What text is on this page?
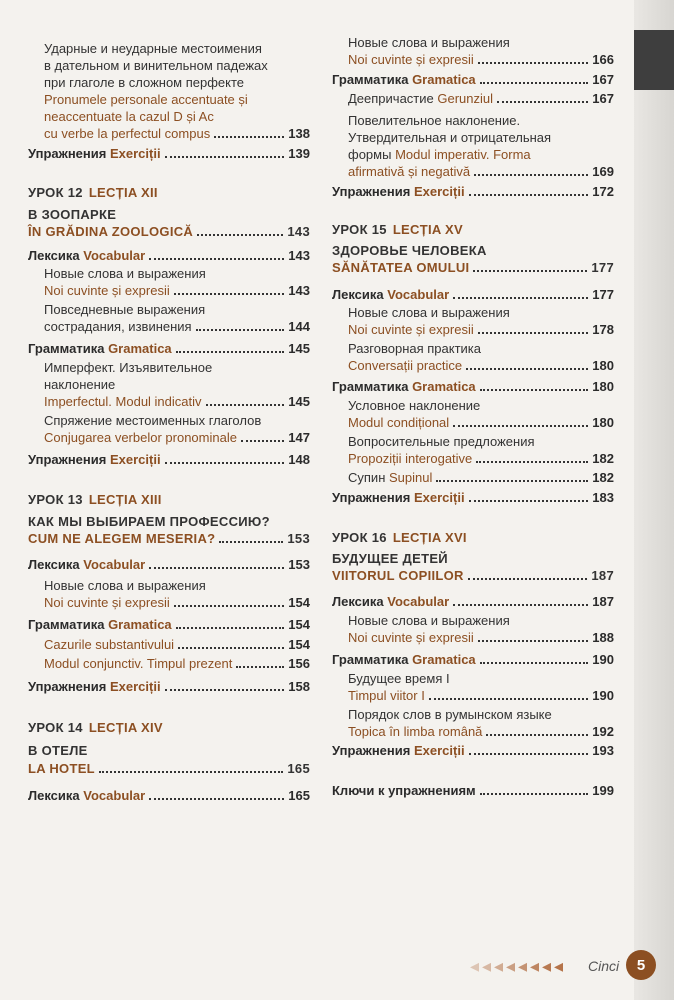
Ударные и неударные местоимения
в дательном и винительном падежах
при глаголе в сложном перфекте
Pronumele personale accentuate și
neaccentuate la cazul D și Ac
cu verbe la perfectul compus	138
Упражнения Exerciții	139
УРОК 12 LECȚIA XII
В ЗООПАРКЕ
ÎN GRĂDINA ZOOLOGICĂ	143
Лексика Vocabular	143
Новые слова и выражения
Noi cuvinte și expresii	143
Повседневные выражения
сострадания, извинения	144
Грамматика Gramatica	145
Имперфект. Изъявительное
наклонение
Imperfectul. Modul indicativ	145
Спряжение местоименных глаголов
Conjugarea verbelor pronominale	147
Упражнения Exerciții	148
УРОК 13 LECȚIA XIII
КАК МЫ ВЫБИРАЕМ ПРОФЕССИЮ?
CUM NE ALEGEM MESERIA?	153
Лексика Vocabular	153
Новые слова и выражения
Noi cuvinte și expresii	154
Грамматика Gramatica	154
Cazurile substantivului	154
Modul conjunctiv. Timpul prezent	156
Упражнения Exerciții	158
УРОК 14 LECȚIA XIV
В ОТЕЛЕ
LA HOTEL	165
Лексика Vocabular	165
Новые слова и выражения
Noi cuvinte și expresii	166
Грамматика Gramatica	167
Деепричастие Gerunziul	167
Повелительное наклонение.
Утвердительная и отрицательная
формы Modul imperativ. Forma
afirmativă și negativă	169
Упражнения Exerciții	172
УРОК 15 LECȚIA XV
ЗДОРОВЬЕ ЧЕЛОВЕКА
SĂNĂTATEA OMULUI	177
Лексика Vocabular	177
Новые слова и выражения
Noi cuvinte și expresii	178
Разговорная практика
Conversații practice	180
Грамматика Gramatica	180
Условное наклонение
Modul condițional	180
Вопросительные предложения
Propoziții interogative	182
Супин Supinul	182
Упражнения Exerciții	183
УРОК 16 LECȚIA XVI
БУДУЩЕЕ ДЕТЕЙ
VIITORUL COPIILOR	187
Лексика Vocabular	187
Новые слова и выражения
Noi cuvinte și expresii	188
Грамматика Gramatica	190
Будущее время I
Timpul viitor I	190
Порядок слов в румынском языке
Topica în limba română	192
Упражнения Exerciții	193
Ключи к упражнениям	199
◂ ◂ ◂ ◂ ◂ ◂ ◂ ◂ Cinci	5
